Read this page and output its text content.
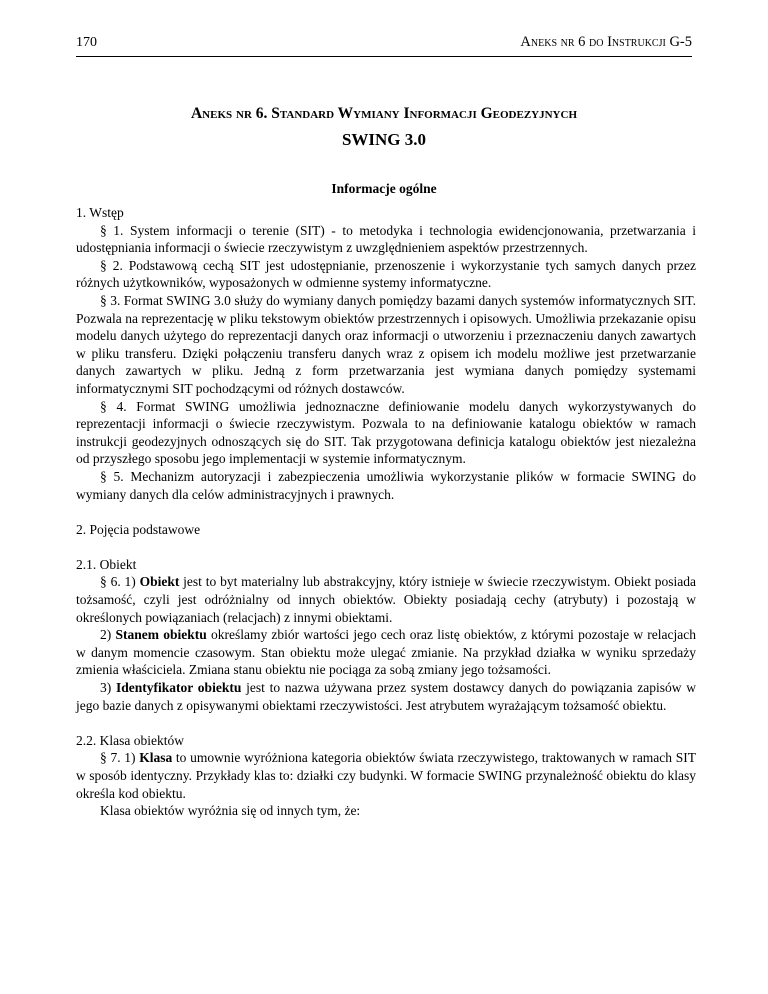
170	Aneks nr 6 do Instrukcji G-5
Aneks nr 6. Standard Wymiany Informacji Geodezyjnych
SWING 3.0
Informacje ogólne

1. Wstęp

§ 1. System informacji o terenie (SIT) - to metodyka i technologia ewidencjonowania, przetwarzania i udostępniania informacji o świecie rzeczywistym z uwzględnieniem aspektów przestrzennych.

§ 2. Podstawową cechą SIT jest udostępnianie, przenoszenie i wykorzystanie tych samych danych przez różnych użytkowników, wyposażonych w odmienne systemy informatyczne.

§ 3. Format SWING 3.0 służy do wymiany danych pomiędzy bazami danych systemów informatycznych SIT. Pozwala na reprezentację w pliku tekstowym obiektów przestrzennych i opisowych. Umożliwia przekazanie opisu modelu danych użytego do reprezentacji danych oraz informacji o utworzeniu i przeznaczeniu danych zawartych w pliku transferu. Dzięki połączeniu transferu danych wraz z opisem ich modelu możliwe jest przetwarzanie danych zawartych w pliku. Jedną z form przetwarzania jest wymiana danych pomiędzy systemami informatycznymi SIT pochodzącymi od różnych dostawców.

§ 4. Format SWING umożliwia jednoznaczne definiowanie modelu danych wykorzystywanych do reprezentacji informacji o świecie rzeczywistym. Pozwala to na definiowanie katalogu obiektów w ramach instrukcji geodezyjnych odnoszących się do SIT. Tak przygotowana definicja katalogu obiektów jest niezależna od przyszłego sposobu jego implementacji w systemie informatycznym.

§ 5. Mechanizm autoryzacji i zabezpieczenia umożliwia wykorzystanie plików w formacie SWING do wymiany danych dla celów administracyjnych i prawnych.

2. Pojęcia podstawowe

2.1. Obiekt

§ 6. 1) Obiekt jest to byt materialny lub abstrakcyjny, który istnieje w świecie rzeczywistym. Obiekt posiada tożsamość, czyli jest odróżnialny od innych obiektów. Obiekty posiadają cechy (atrybuty) i pozostają w określonych powiązaniach (relacjach) z innymi obiektami.

2) Stanem obiektu określamy zbiór wartości jego cech oraz listę obiektów, z którymi pozostaje w relacjach w danym momencie czasowym. Stan obiektu może ulegać zmianie. Na przykład działka w wyniku sprzedaży zmienia właściciela. Zmiana stanu obiektu nie pociąga za sobą zmiany jego tożsamości.

3) Identyfikator obiektu jest to nazwa używana przez system dostawcy danych do powiązania zapisów w jego bazie danych z opisywanymi obiektami rzeczywistości. Jest atrybutem wyrażającym tożsamość obiektu.

2.2. Klasa obiektów

§ 7. 1) Klasa to umownie wyróżniona kategoria obiektów świata rzeczywistego, traktowanych w ramach SIT w sposób identyczny. Przykłady klas to: działki czy budynki. W formacie SWING przynależność obiektu do klasy określa kod obiektu.

Klasa obiektów wyróżnia się od innych tym, że:
